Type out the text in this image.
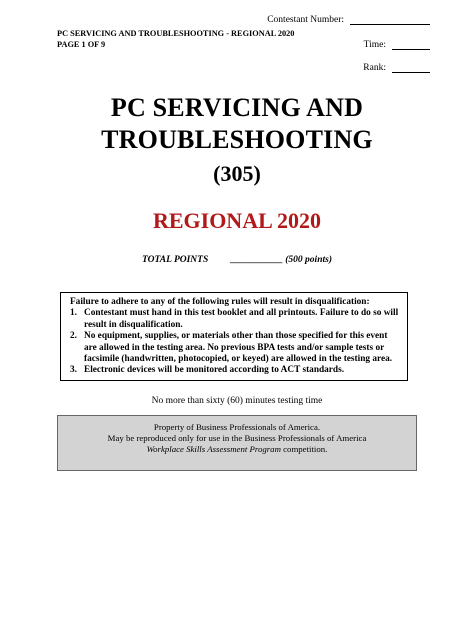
PC SERVICING AND TROUBLESHOOTING - REGIONAL 2020
PAGE 1 OF 9
Contestant Number:
Time:
Rank:
PC SERVICING AND
TROUBLESHOOTING
(305)
REGIONAL 2020
TOTAL POINTS ___________ (500 points)
Failure to adhere to any of the following rules will result in disqualification:
1. Contestant must hand in this test booklet and all printouts. Failure to do so will result in disqualification.
2. No equipment, supplies, or materials other than those specified for this event are allowed in the testing area. No previous BPA tests and/or sample tests or facsimile (handwritten, photocopied, or keyed) are allowed in the testing area.
3. Electronic devices will be monitored according to ACT standards.
No more than sixty (60) minutes testing time
Property of Business Professionals of America.
May be reproduced only for use in the Business Professionals of America
Workplace Skills Assessment Program competition.
